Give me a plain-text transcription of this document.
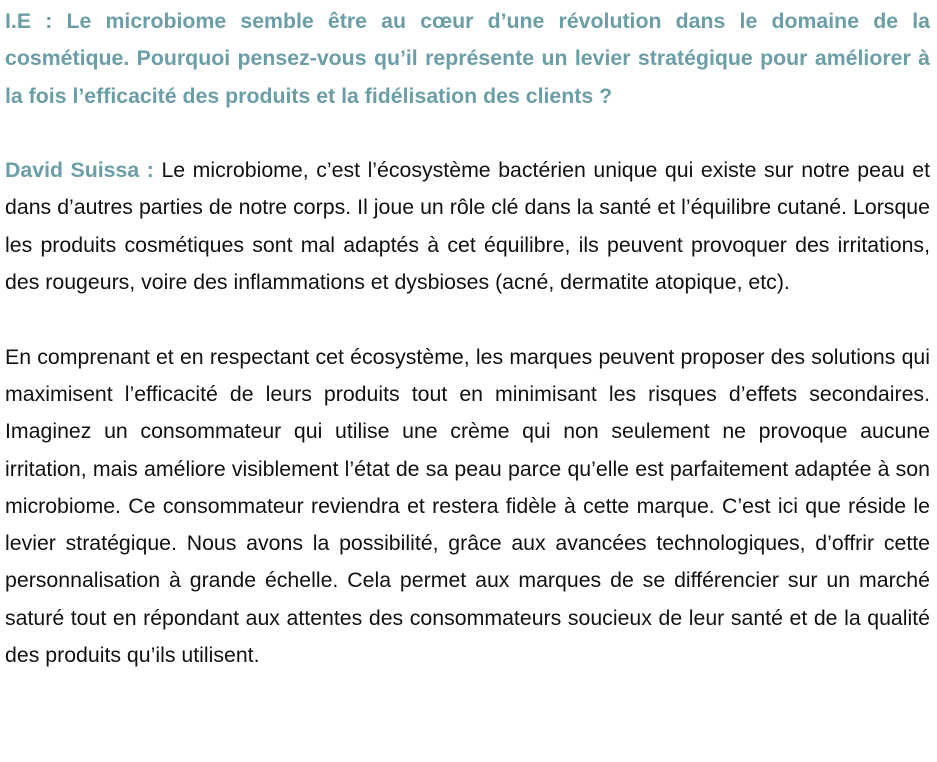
I.E : Le microbiome semble être au cœur d’une révolution dans le domaine de la cosmétique. Pourquoi pensez-vous qu’il représente un levier stratégique pour améliorer à la fois l’efficacité des produits et la fidélisation des clients ?

David Suissa : Le microbiome, c’est l’écosystème bactérien unique qui existe sur notre peau et dans d’autres parties de notre corps. Il joue un rôle clé dans la santé et l’équilibre cutané. Lorsque les produits cosmétiques sont mal adaptés à cet équilibre, ils peuvent provoquer des irritations, des rougeurs, voire des inflammations et dysbioses (acné, dermatite atopique, etc).

En comprenant et en respectant cet écosystème, les marques peuvent proposer des solutions qui maximisent l’efficacité de leurs produits tout en minimisant les risques d’effets secondaires. Imaginez un consommateur qui utilise une crème qui non seulement ne provoque aucune irritation, mais améliore visiblement l’état de sa peau parce qu’elle est parfaitement adaptée à son microbiome. Ce consommateur reviendra et restera fidèle à cette marque. C’est ici que réside le levier stratégique. Nous avons la possibilité, grâce aux avancées technologiques, d’offrir cette personnalisation à grande échelle. Cela permet aux marques de se différencier sur un marché saturé tout en répondant aux attentes des consommateurs soucieux de leur santé et de la qualité des produits qu’ils utilisent.
